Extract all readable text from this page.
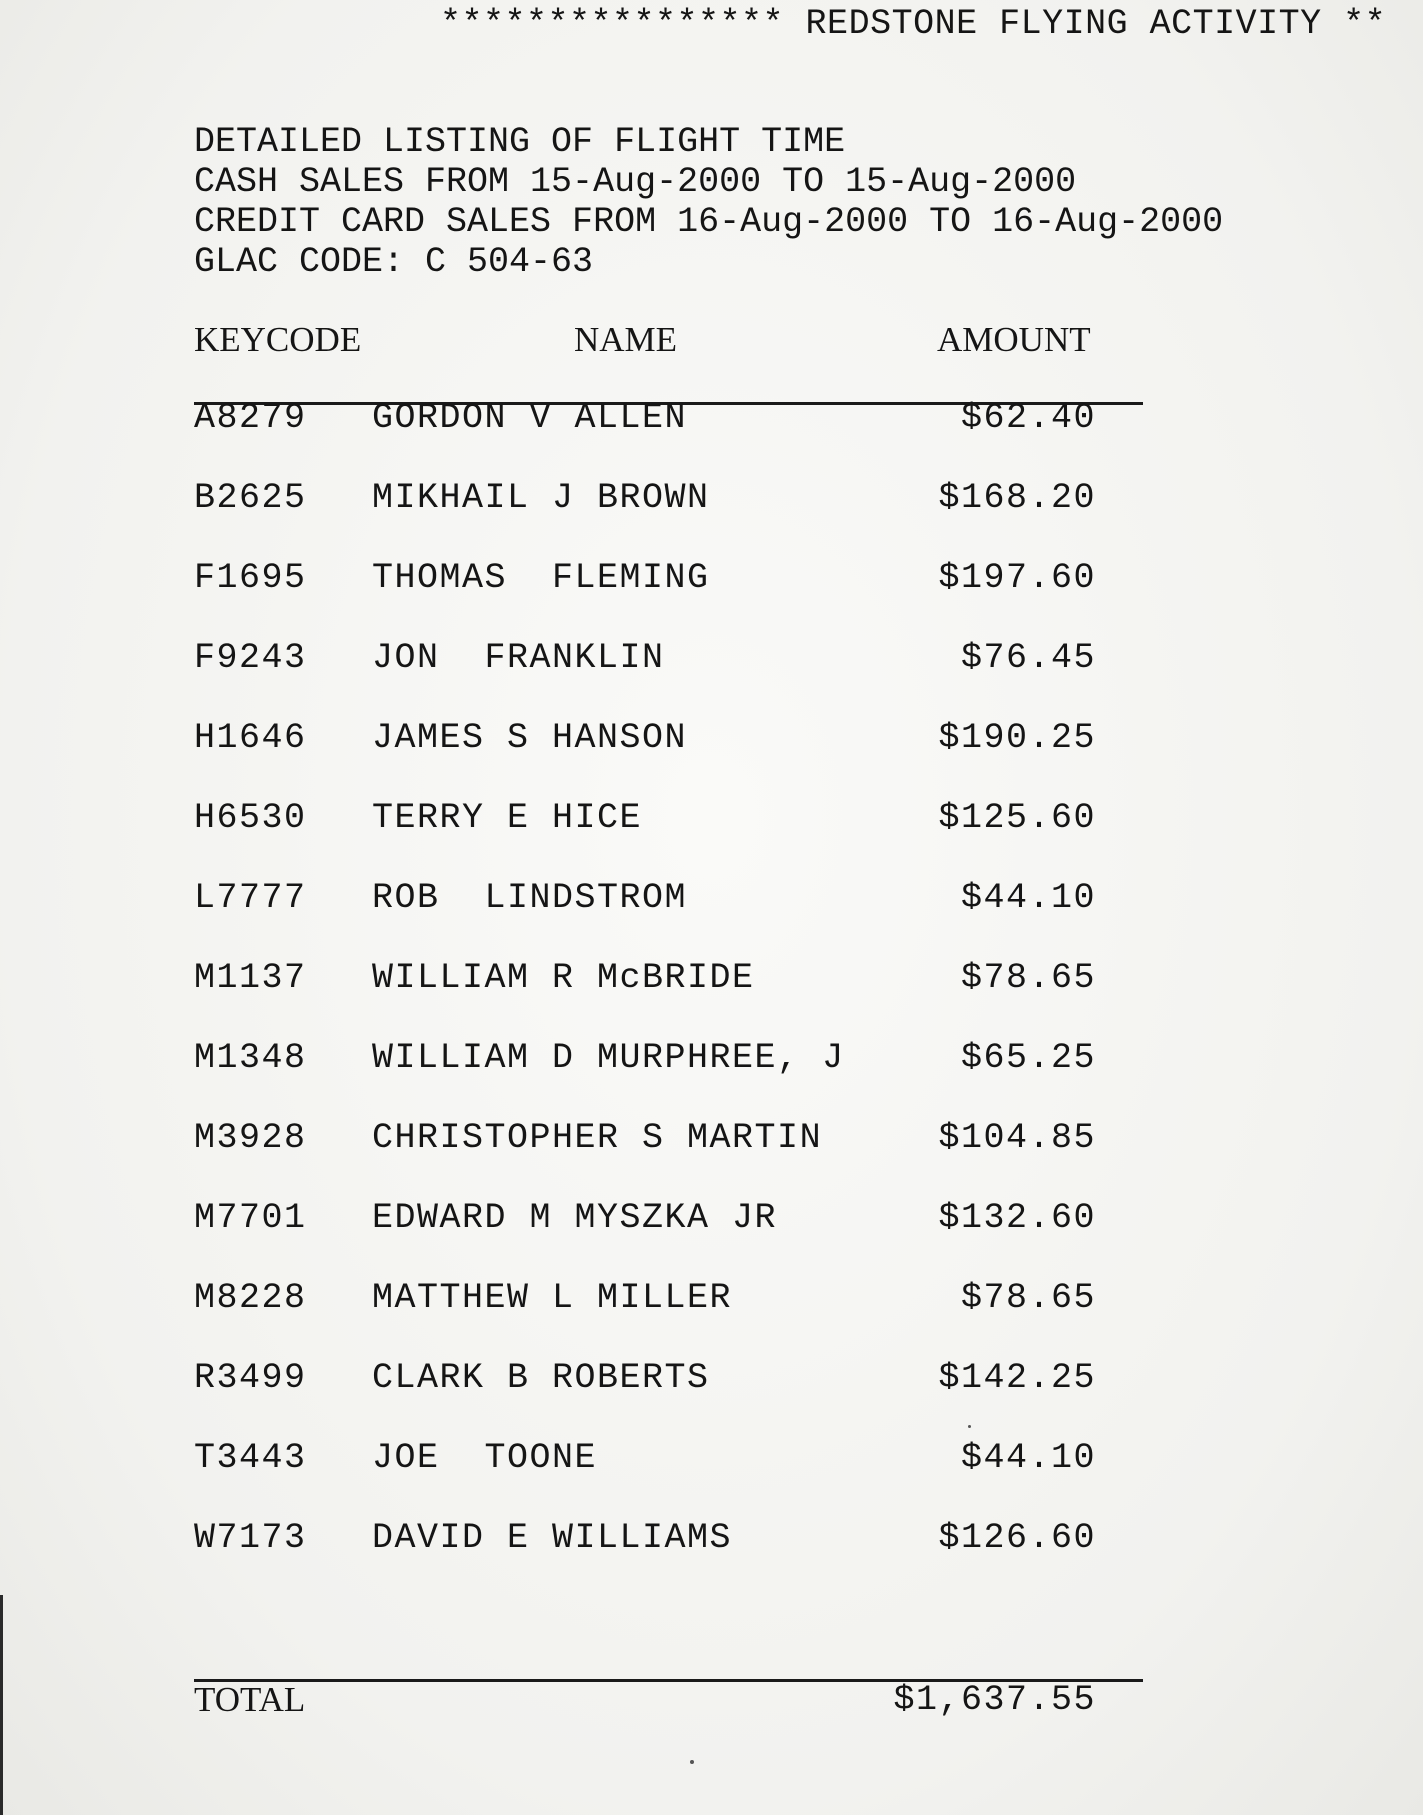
**************** REDSTONE FLYING ACTIVITY **
DETAILED LISTING OF FLIGHT TIME
CASH SALES FROM 15-Aug-2000 TO 15-Aug-2000
CREDIT CARD SALES FROM 16-Aug-2000 TO 16-Aug-2000
GLAC CODE: C 504-63
KEYCODE	NAME	AMOUNT
A8279 GORDON V ALLEN	$62.40
B2625 MIKHAIL J BROWN	$168.20
F1695 THOMAS  FLEMING	$197.60
F9243 JON  FRANKLIN	$76.45
H1646 JAMES S HANSON	$190.25
H6530 TERRY E HICE	$125.60
L7777 ROB  LINDSTROM	$44.10
M1137 WILLIAM R McBRIDE	$78.65
M1348 WILLIAM D MURPHREE, J	$65.25
M3928 CHRISTOPHER S MARTIN	$104.85
M7701 EDWARD M MYSZKA JR	$132.60
M8228 MATTHEW L MILLER	$78.65
R3499 CLARK B ROBERTS	$142.25
T3443 JOE  TOONE	$44.10
W7173 DAVID E WILLIAMS	$126.60
TOTAL	$1,637.55
